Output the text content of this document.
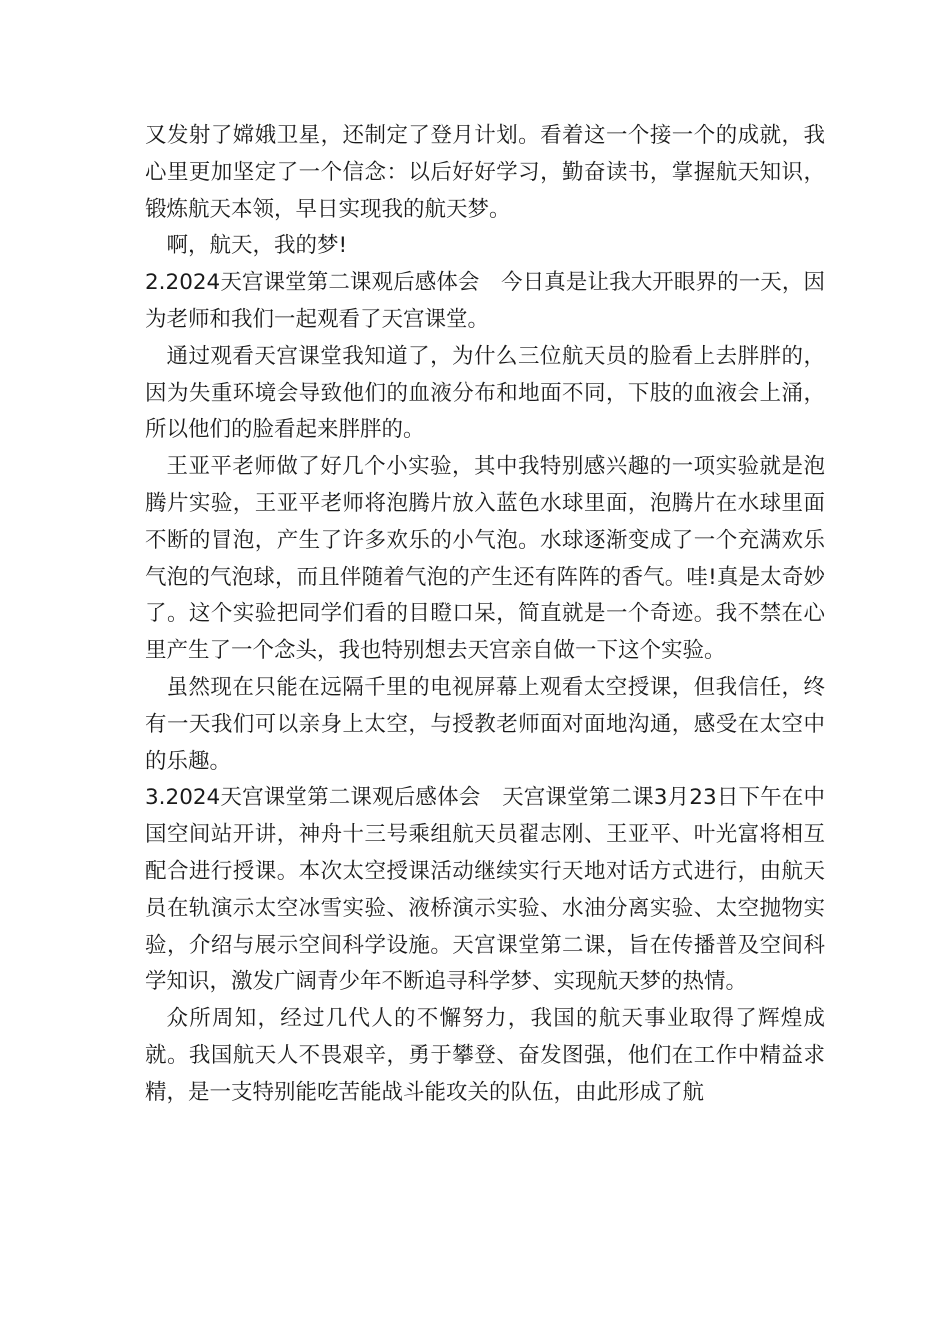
又发射了嫦娥卫星，还制定了登月计划。看着这一个接一个的成就，我心里更加坚定了一个信念：以后好好学习，勤奋读书，掌握航天知识，锻炼航天本领，早日实现我的航天梦。

啊，航天，我的梦!

2.2024天宫课堂第二课观后感体会　今日真是让我大开眼界的一天，因为老师和我们一起观看了天宫课堂。

通过观看天宫课堂我知道了，为什么三位航天员的脸看上去胖胖的，因为失重环境会导致他们的血液分布和地面不同，下肢的血液会上涌，所以他们的脸看起来胖胖的。

王亚平老师做了好几个小实验，其中我特别感兴趣的一项实验就是泡腾片实验，王亚平老师将泡腾片放入蓝色水球里面，泡腾片在水球里面不断的冒泡，产生了许多欢乐的小气泡。水球逐渐变成了一个充满欢乐气泡的气泡球，而且伴随着气泡的产生还有阵阵的香气。哇!真是太奇妙了。这个实验把同学们看的目瞪口呆，简直就是一个奇迹。我不禁在心里产生了一个念头，我也特别想去天宫亲自做一下这个实验。

虽然现在只能在远隔千里的电视屏幕上观看太空授课，但我信任，终有一天我们可以亲身上太空，与授教老师面对面地沟通，感受在太空中的乐趣。

3.2024天宫课堂第二课观后感体会　天宫课堂第二课3月23日下午在中国空间站开讲，神舟十三号乘组航天员翟志刚、王亚平、叶光富将相互配合进行授课。本次太空授课活动继续实行天地对话方式进行，由航天员在轨演示太空冰雪实验、液桥演示实验、水油分离实验、太空抛物实验，介绍与展示空间科学设施。天宫课堂第二课，旨在传播普及空间科学知识，激发广阔青少年不断追寻科学梦、实现航天梦的热情。

众所周知，经过几代人的不懈努力，我国的航天事业取得了辉煌成就。我国航天人不畏艰辛，勇于攀登、奋发图强，他们在工作中精益求精，是一支特别能吃苦能战斗能攻关的队伍，由此形成了航
